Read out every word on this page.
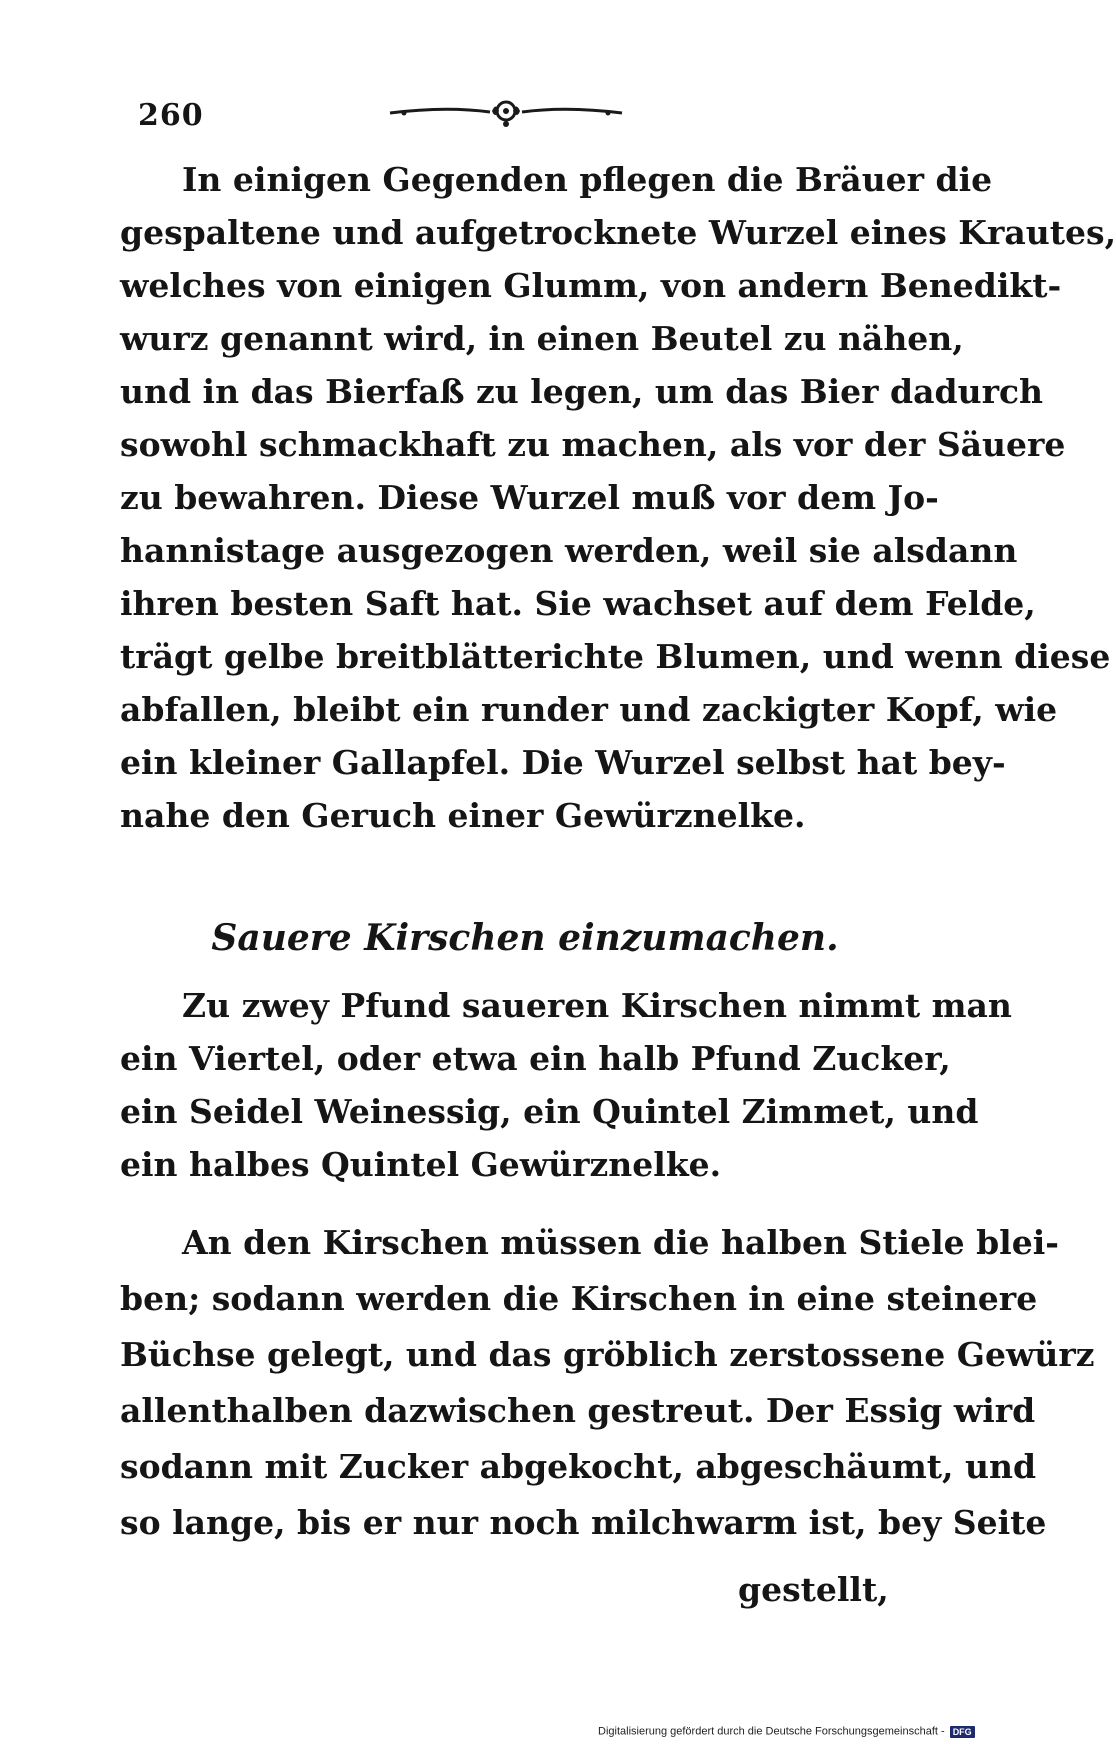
260
In einigen Gegenden pflegen die Bräuer die
gespaltene und aufgetrocknete Wurzel eines Krautes,
welches von einigen Glumm, von andern Benedikt-
wurz genannt wird, in einen Beutel zu nähen,
und in das Bierfaß zu legen, um das Bier dadurch
sowohl schmackhaft zu machen, als vor der Säuere
zu bewahren. Diese Wurzel muß vor dem Jo-
hannistage ausgezogen werden, weil sie alsdann
ihren besten Saft hat. Sie wachset auf dem Felde,
trägt gelbe breitblätterichte Blumen, und wenn diese
abfallen, bleibt ein runder und zackigter Kopf, wie
ein kleiner Gallapfel. Die Wurzel selbst hat bey-
nahe den Geruch einer Gewürznelke.
Sauere Kirschen einzumachen.
Zu zwey Pfund saueren Kirschen nimmt man
ein Viertel, oder etwa ein halb Pfund Zucker,
ein Seidel Weinessig, ein Quintel Zimmet, und
ein halbes Quintel Gewürznelke.
An den Kirschen müssen die halben Stiele blei-
ben; sodann werden die Kirschen in eine steinere
Büchse gelegt, und das gröblich zerstossene Gewürz
allenthalben dazwischen gestreut. Der Essig wird
sodann mit Zucker abgekocht, abgeschäumt, und
so lange, bis er nur noch milchwarm ist, bey Seite
gestellt,
Digitalisierung gefördert durch die Deutsche Forschungsgemeinschaft - DFG
